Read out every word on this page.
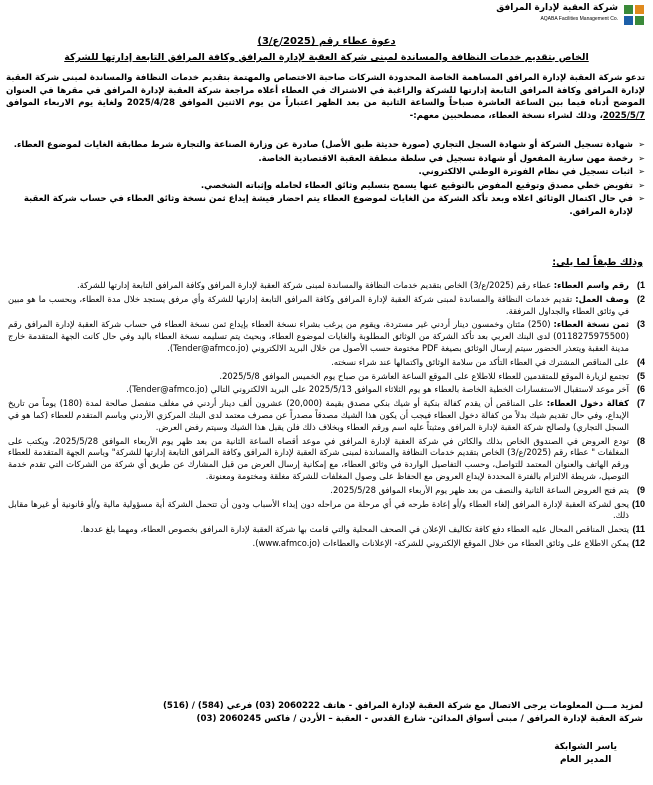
شركة العقبة لإدارة المرافق
AQABA Facilities Management Co.
دعوة عطاء رقم (2025/ع/3)
الخاص بتقديم خدمات النظافة والمساندة لمبنى شركة العقبة لإدارة المرافق وكافة المرافق التابعة إدارتها للشركة
تدعو شركة العقبة لإدارة المرافق المساهمة الخاصة المحدودة الشركات صاحبة الاختصاص والمهتمة بتقديم خدمات النظافة والمساندة لمبنى شركة العقبة لإدارة المرافق وكافة المرافق التابعة إدارتها للشركة والراغبة في الاشتراك في العطاء أعلاه مراجعة شركة العقبة لإدارة المرافق في مقرها في العنوان الموضح أدناه فيما بين الساعة العاشرة صباحاً والساعة الثانية من بعد الظهر اعتباراً من يوم الاثنين الموافق 2025/4/28 ولغاية يوم الاربعاء الموافق 2025/5/7، وذلك لشراء نسخة العطاء، مصطحبين معهم:-
➢ شهادة تسجيل الشركة أو شهادة السجل التجاري (صورة حديثة طبق الأصل) صادرة عن وزارة الصناعة والتجارة شرط مطابقة الغايات لموضوع العطاء.
➢ رخصة مهن سارية المفعول أو شهادة تسجيل في سلطة منطقة العقبة الاقتصادية الخاصة.
➢ اثبات تسجيل في نظام الفوترة الوطني الالكتروني.
➢ تفويض خطي مصدق وتوقيع المفوض بالتوقيع عنها يسمح بتسليم وثائق العطاء لحامله وإثباته الشخصي.
➢ في حال اكتمال الوثائق اعلاه وبعد تأكد الشركة من الغايات لموضوع العطاء يتم احضار فيشة إيداع ثمن نسخة وثائق العطاء في حساب شركة العقبة لإدارة المرافق.
وذلك طبقاً لما يلي:
1)
رقم واسم العطاء: عطاء رقم (2025/ع/3) الخاص بتقديم خدمات النظافة والمساندة لمبنى شركة العقبة لإدارة المرافق وكافة المرافق التابعة إدارتها للشركة.
2)
وصف العمل: تقديم خدمات النظافة والمساندة لمبنى شركة العقبة لإدارة المرافق وكافة المرافق التابعة إدارتها للشركة وأي مرفق يستجد خلال مدة العطاء، وبحسب ما هو مبين في وثائق العطاء والجداول المرفقة.
3)
ثمن نسخة العطاء: (250) مئتان وخمسون دينار أردني غير مستردة، ويقوم من يرغب بشراء نسخة العطاء بإيداع ثمن نسخة العطاء في حساب شركة العقبة لإدارة المرافق رقم (0118275975500) لدى البنك العربي بعد تأكد الشركة من الوثائق المطلوبة والغايات لموضوع العطاء، وبحيث يتم تسليمه نسخة العطاء باليد وفي حال كانت الجهة المتقدمة خارج مدينة العقبة ويتعذر الحضور سيتم إرسال الوثائق بصيغة PDF مختومة حسب الأصول من خلال البريد الالكتروني (Tender@afmco.jo).
4)
على المناقص المشترك في العطاء التأكد من سلامة الوثائق واكتمالها عند شراء نسخته.
5)
تجتمع لزيارة الموقع للمتقدمين للعطاء للاطلاع على الموقع الساعة العاشرة من صباح يوم الخميس الموافق 2025/5/8.
6)
آخر موعد لاستقبال الاستفسارات الخطية الخاصة بالعطاء هو يوم الثلاثاء الموافق 2025/5/13 على البريد الالكتروني التالي (Tender@afmco.jo).
7)
كفالة دخول العطاء: على المناقص أن يقدم كفالة بنكية أو شيك بنكي مصدق بقيمة (20,000) عشرون ألف دينار أردني في مغلف منفصل صالحة لمدة (180) يوماً من تاريخ الإيداع، وفي حال تقديم شيك بدلاً من كفالة دخول العطاء فيجب أن يكون هذا الشيك مصدقاً مصدراً عن مصرف معتمد لدى البنك المركزي الأردني وباسم المتقدم للعطاء (كما هو في السجل التجاري) ولصالح شركة العقبة لإدارة المرافق ومثبتاً عليه اسم ورقم العطاء وبخلاف ذلك فلن يقبل هذا الشيك وسيتم رفض العرض.
8)
تودع العروض في الصندوق الخاص بذلك والكائن في شركة العقبة لإدارة المرافق في موعد أقصاه الساعة الثانية من بعد ظهر يوم الأربعاء الموافق 2025/5/28، ويكتب على المغلفات " عطاء رقم (2025/ع/3) الخاص بتقديم خدمات النظافة والمساندة لمبنى شركة العقبة لإدارة المرافق وكافة المرافق التابعة إدارتها للشركة" وباسم الجهة المتقدمة للعطاء ورقم الهاتف والعنوان المعتمد للتواصل، وحسب التفاصيل الواردة في وثائق العطاء، مع إمكانية إرسال العرض من قبل المشارك عن طريق أي شركة من الشركات التي تقدم خدمة التوصيل، شريطة الالتزام بالفترة المحددة لإيداع العروض مع الحفاظ على وصول المغلفات للشركة مغلقة ومختومة ومعنونة.
9)
يتم فتح العروض الساعة الثانية والنصف من بعد ظهر يوم الأربعاء الموافق 2025/5/28.
10)
يحق لشركة العقبة لإدارة المرافق إلغاء العطاء و/أو إعادة طرحه في أي مرحلة من مراحله دون إبداء الأسباب ودون أن تتحمل الشركة أية مسؤولية مالية و/أو قانونية أو غيرها مقابل ذلك.
11)
يتحمل المناقص المحال عليه العطاء دفع كافة تكاليف الإعلان في الصحف المحلية والتي قامت بها شركة العقبة لإدارة المرافق بخصوص العطاء، ومهما بلغ عددها.
12)
يمكن الاطلاع على وثائق العطاء من خلال الموقع الإلكتروني للشركة- الإعلانات والعطاءات (www.afmco.jo).
لمزيد مـــن المعلومات يرجى الاتصال مع شركة العقبة لإدارة المرافق - هاتف 2060222 (03) فرعي (584) / (516)
شركة العقبة لإدارة المرافق / مبنى أسواق المدائن- شارع القدس - العقبة – الأردن / فاكس 2060245 (03)
ياسر الشوابكة
المدير العام
